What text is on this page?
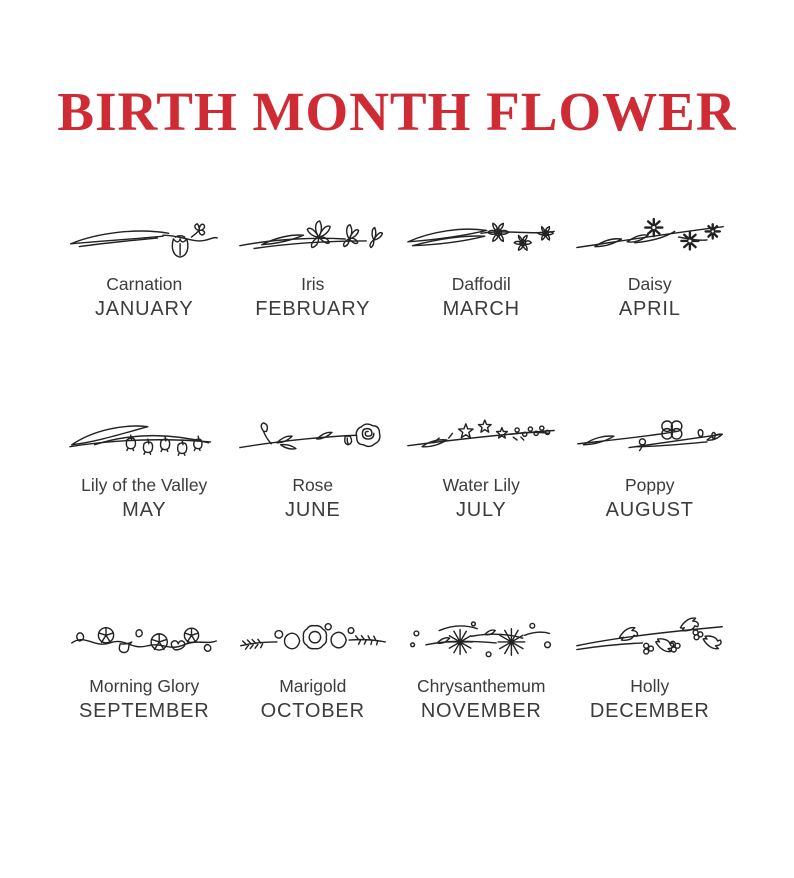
BIRTH MONTH FLOWER
Carnation
JANUARY
Iris
FEBRUARY
Daffodil
MARCH
Daisy
APRIL
Lily of the Valley
MAY
Rose
JUNE
Water Lily
JULY
Poppy
AUGUST
Morning Glory
SEPTEMBER
Marigold
OCTOBER
Chrysanthemum
NOVEMBER
Holly
DECEMBER
